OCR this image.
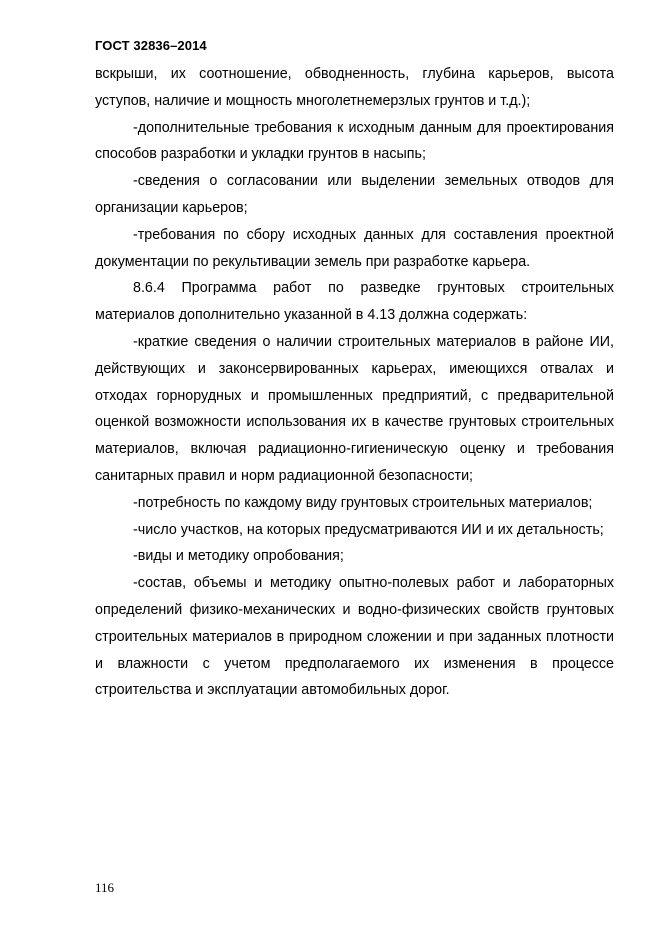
ГОСТ 32836–2014

вскрыши, их соотношение, обводненность, глубина карьеров, высота уступов, наличие и мощность многолетнемерзлых грунтов и т.д.);

-дополнительные требования к исходным данным для проектирования способов разработки и укладки грунтов в насыпь;

-сведения о согласовании или выделении земельных отводов для организации карьеров;

-требования по сбору исходных данных для составления проектной документации по рекультивации земель при разработке карьера.

8.6.4 Программа работ по разведке грунтовых строительных материалов дополнительно указанной в 4.13 должна содержать:

-краткие сведения о наличии строительных материалов в районе ИИ, действующих и законсервированных карьерах, имеющихся отвалах и отходах горнорудных и промышленных предприятий, с предварительной оценкой возможности использования их в качестве грунтовых строительных материалов, включая радиационно-гигиеническую оценку и требования санитарных правил и норм радиационной безопасности;

-потребность по каждому виду грунтовых строительных материалов;

-число участков, на которых предусматриваются ИИ и их детальность;

-виды и методику опробования;

-состав, объемы и методику опытно-полевых работ и лабораторных определений физико-механических и водно-физических свойств грунтовых строительных материалов в природном сложении и при заданных плотности и влажности с учетом предполагаемого их изменения в процессе строительства и эксплуатации автомобильных дорог.

116
